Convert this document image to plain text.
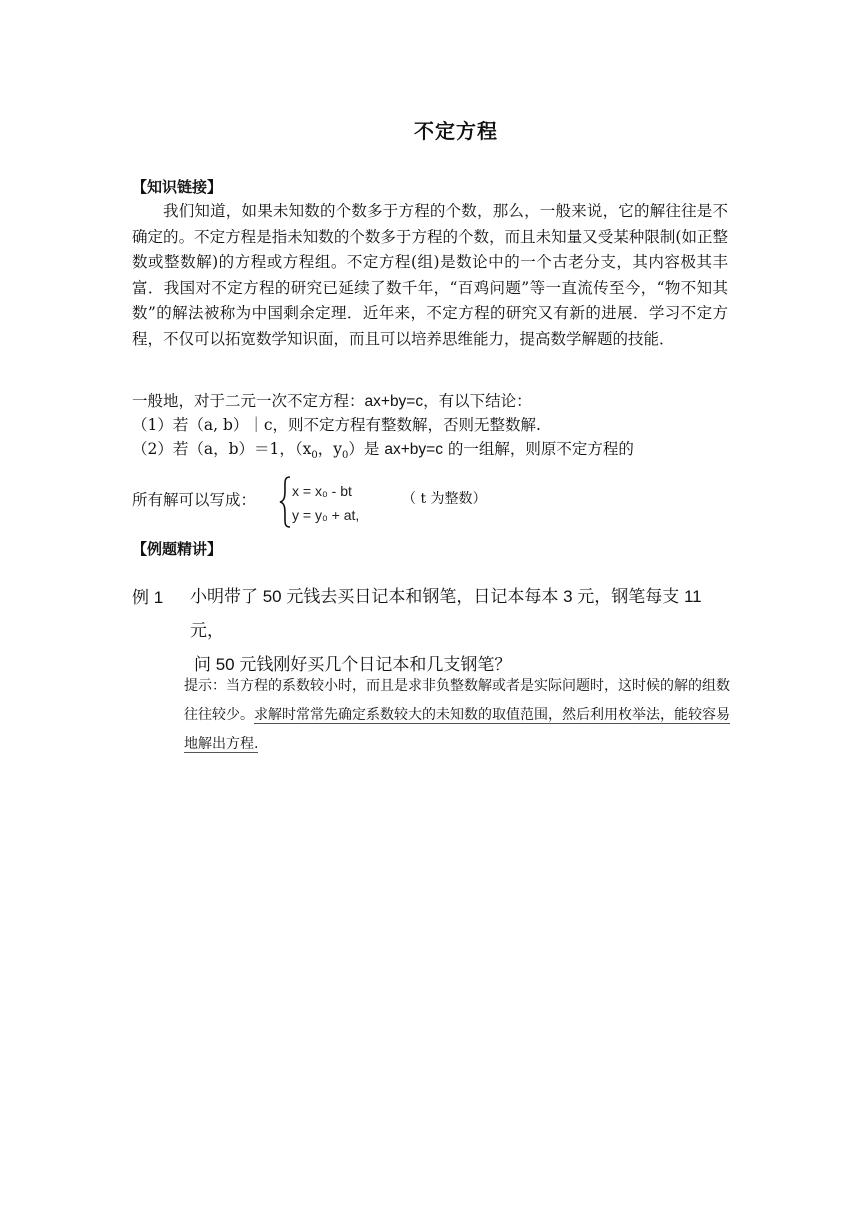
不定方程
【知识链接】
我们知道，如果未知数的个数多于方程的个数，那么，一般来说，它的解往往是不确定的。不定方程是指未知数的个数多于方程的个数，而且未知量又受某种限制(如正整数或整数解)的方程或方程组。不定方程(组)是数论中的一个古老分支，其内容极其丰富．我国对不定方程的研究已延续了数千年，“百鸡问题”等一直流传至今，“物不知其数”的解法被称为中国剩余定理．近年来，不定方程的研究又有新的进展．学习不定方程，不仅可以拓宽数学知识面，而且可以培养思维能力，提高数学解题的技能．
一般地，对于二元一次不定方程：ax+by=c，有以下结论：
（1）若（a, b）｜c，则不定方程有整数解，否则无整数解.
（2）若（a，b）＝1，（$x_0$，$y_0$）是 ax+by=c 的一组解，则原不定方程的
所有解可以写成：	x = x₀ - bt
y = y₀ + at,
（ t 为整数）
【例题精讲】
例 1 小明带了 50 元钱去买日记本和钢笔，日记本每本 3 元，钢笔每支 11 元，
问 50 元钱刚好买几个日记本和几支钢笔？
提示：当方程的系数较小时，而且是求非负整数解或者是实际问题时，这时候的解的组数往往较少。求解时常常先确定系数较大的未知数的取值范围，然后利用枚举法，能较容易地解出方程.
